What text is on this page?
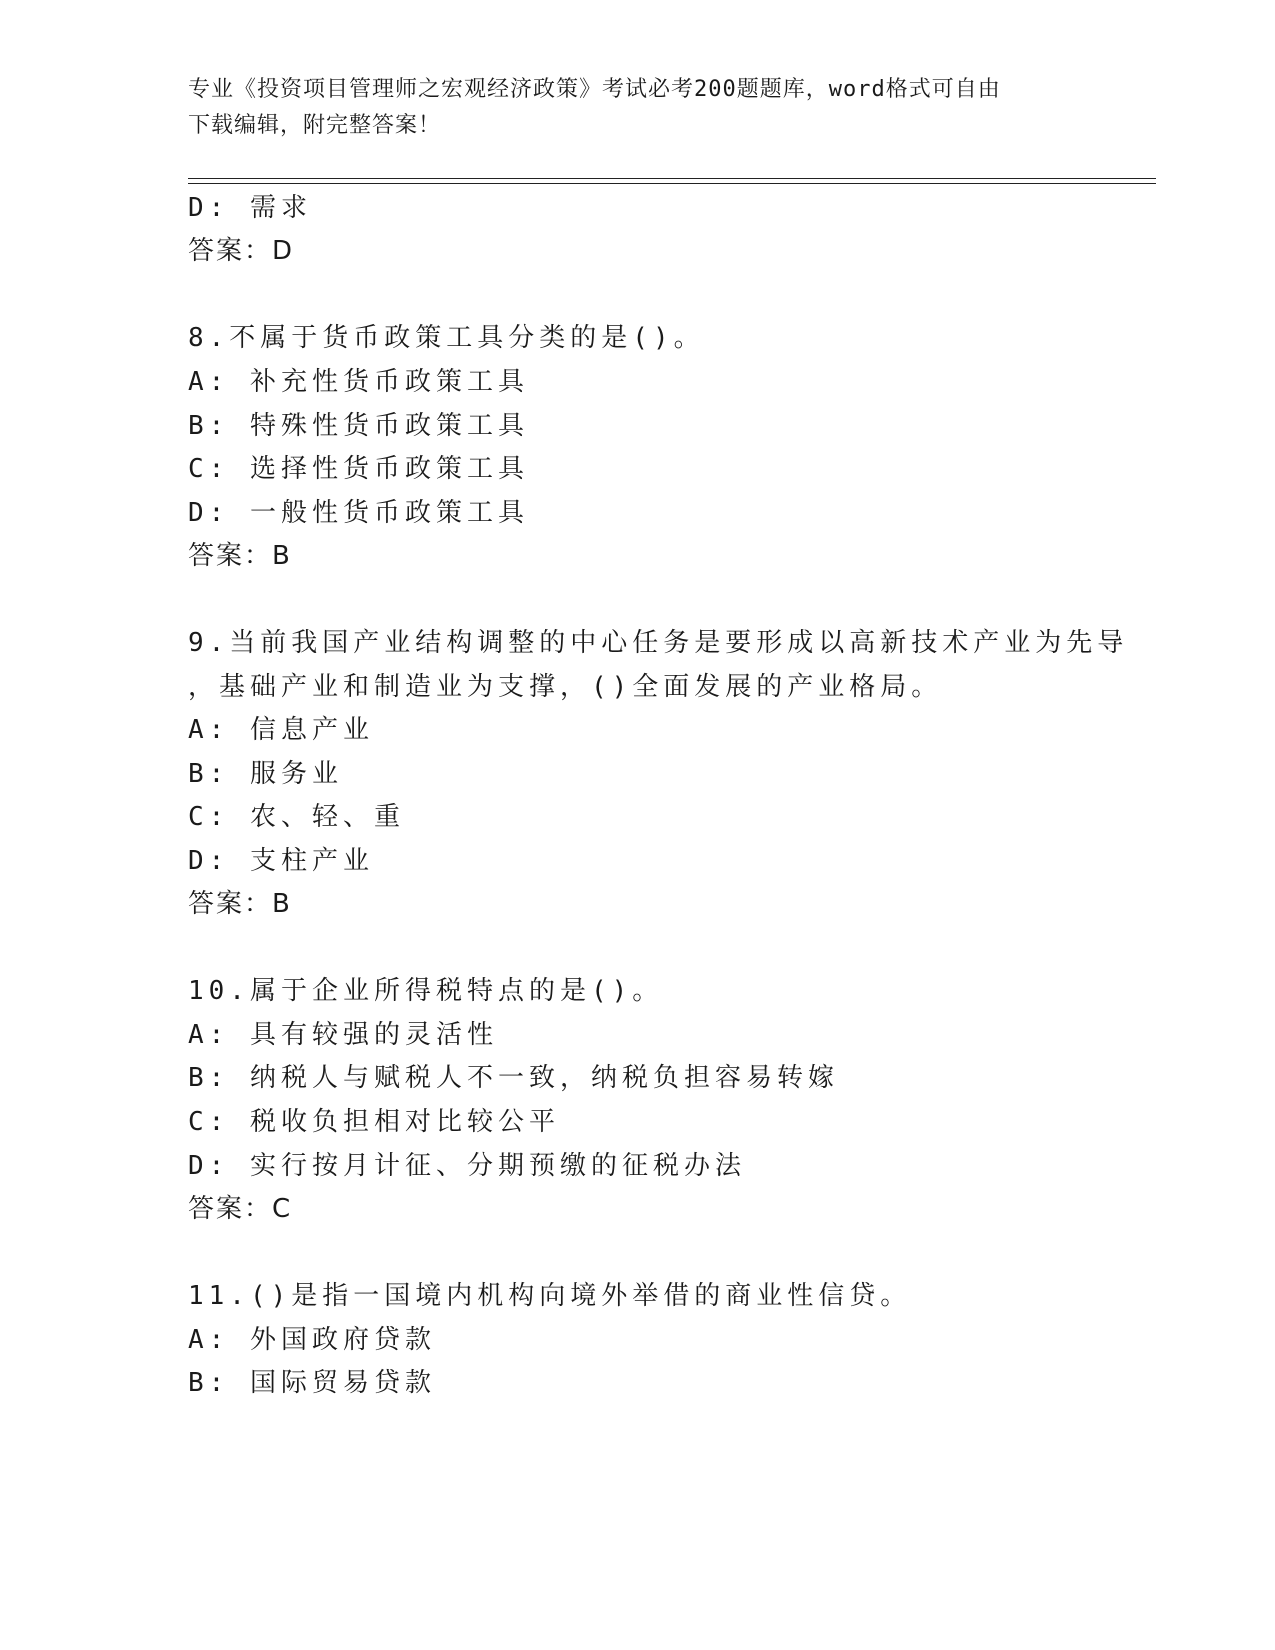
专业《投资项目管理师之宏观经济政策》考试必考200题题库，word格式可自由
下载编辑，附完整答案！
D: 需求
答案：D
8.不属于货币政策工具分类的是()。
A: 补充性货币政策工具
B: 特殊性货币政策工具
C: 选择性货币政策工具
D: 一般性货币政策工具
答案：B
9.当前我国产业结构调整的中心任务是要形成以高新技术产业为先导
，基础产业和制造业为支撑，()全面发展的产业格局。
A: 信息产业
B: 服务业
C: 农、轻、重
D: 支柱产业
答案：B
10.属于企业所得税特点的是()。
A: 具有较强的灵活性
B: 纳税人与赋税人不一致，纳税负担容易转嫁
C: 税收负担相对比较公平
D: 实行按月计征、分期预缴的征税办法
答案：C
11.()是指一国境内机构向境外举借的商业性信贷。
A: 外国政府贷款
B: 国际贸易贷款
